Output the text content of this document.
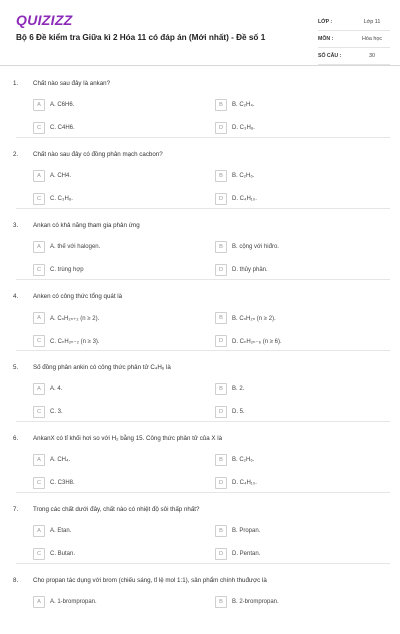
QUIZIZZ
Bộ 6 Đề kiểm tra Giữa kì 2 Hóa 11 có đáp án (Mới nhất) - Đề số 1
LỚP :	Lớp 11
MÔN :	Hóa học
SỐ CÂU :	30
1. Chất nào sau đây là ankan?
A	A. C6H6.	B	B. C₂H₄.
C	C. C4H6.	D	D. C₃H₈.
2. Chất nào sau đây có đồng phân mạch cacbon?
A	A. CH4.	B	B. C₂H₆.
C	C. C₃H₈.	D	D. C₄H₁₀.
3. Ankan có khả năng tham gia phản ứng
A	A. thế với halogen.	B	B. cộng với hiđro.
C	C. trùng hợp	D	D. thủy phân.
4. Anken có công thức tổng quát là
A	A. CₙH₂ₙ₊₂ (n ≥ 2).	B	B. CₙH₂ₙ (n ≥ 2).
C	C. CₙH₂ₙ₋₂ (n ≥ 3).	D	D. CₙH₂ₙ₋₆ (n ≥ 6).
5. Số đồng phân ankin có công thức phân tử C₄H₆ là
A	A. 4.	B	B. 2.
C	C. 3.	D	D. 5.
6. AnkanX có tỉ khối hơi so với H₂ bằng 15. Công thức phân tử của X là
A	A. CH₄.	B	B. C₂H₆.
C	C. C3H8.	D	D. C₄H₁₀.
7. Trong các chất dưới đây, chất nào có nhiệt độ sôi thấp nhất?
A	A. Etan.	B	B. Propan.
C	C. Butan.	D	D. Pentan.
8. Cho propan tác dụng với brom (chiếu sáng, tỉ lệ mol 1:1), sản phẩm chính thuđược là
A	A. 1-brompropan.	B	B. 2-brompropan.
